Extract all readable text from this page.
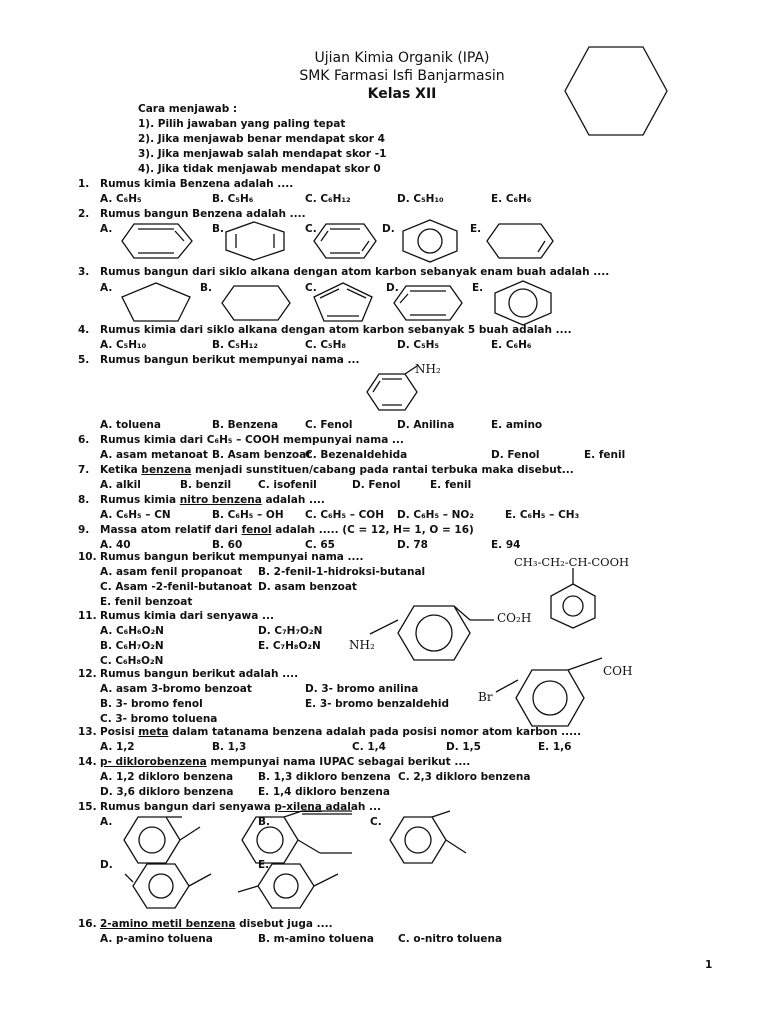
Ujian Kimia Organik (IPA)
SMK Farmasi Isfi Banjarmasin
Kelas XII
Cara menjawab :
1). Pilih jawaban yang paling tepat
2). Jika menjawab benar mendapat skor 4
3). Jika menjawab salah mendapat skor -1
4). Jika tidak menjawab mendapat skor 0
1. Rumus kimia Benzena adalah ....
A. C₆H₅	B. C₅H₆	C. C₆H₁₂	D. C₅H₁₀	E. C₆H₆
2. Rumus bangun Benzena adalah ....
A.	B.	C.	D.	E.
3. Rumus bangun dari siklo alkana dengan atom karbon sebanyak enam buah adalah ....
A.	B.	C.	D.	E.
4. Rumus kimia dari siklo alkana dengan atom karbon sebanyak 5 buah adalah ....
A. C₅H₁₀	B. C₅H₁₂	C. C₅H₈	D. C₅H₅	E. C₆H₆
5. Rumus bangun berikut mempunyai nama ...
NH₂
A. toluena	B. Benzena	C. Fenol	D. Anilina	E. amino
6. Rumus kimia dari C₆H₅ – COOH mempunyai nama ...
A. asam metanoat B. Asam benzoat
C. Bezenaldehida	D. Fenol	E. fenil
7. Ketika benzena menjadi sunstituen/cabang pada rantai terbuka maka disebut...
A. alkil	B. benzil	C. isofenil	D. Fenol	E. fenil
8. Rumus kimia nitro benzena adalah ....
A. C₆H₅ – CN	B. C₆H₅ – OH C. C₆H₅ – COH D. C₆H₅ – NO₂	E. C₆H₅ – CH₃
9. Massa atom relatif dari fenol adalah ..... (C = 12, H= 1, O = 16)
A. 40	B. 60	C. 65	D. 78	E. 94
10. Rumus bangun berikut mempunyai nama ....
A. asam fenil propanoat B. 2-fenil-1-hidroksi-butanal
C. Asam -2-fenil-butanoat D. asam benzoat
E. fenil benzoat
CH₃-CH₂-CH-COOH
11. Rumus kimia dari senyawa ...
A. C₆H₆O₂N	D. C₇H₇O₂N
B. C₆H₇O₂N	E. C₇H₈O₂N
C. C₆H₈O₂N
NH₂
CO₂H
12. Rumus bangun berikut adalah ....
A. asam 3-bromo benzoat	D. 3- bromo anilina
B. 3- bromo fenol	E. 3- bromo benzaldehid
C. 3- bromo toluena
Br
COH
13. Posisi meta dalam tatanama benzena adalah pada posisi nomor atom karbon .....
A. 1,2	B. 1,3	C. 1,4	D. 1,5	E. 1,6
14. p- diklorobenzena mempunyai nama IUPAC sebagai berikut ....
A. 1,2 dikloro benzena B. 1,3 dikloro benzena C. 2,3 dikloro benzena
D. 3,6 dikloro benzena E. 1,4 dikloro benzena
15. Rumus bangun dari senyawa p-xilena adalah ...
A.	B.	C.
D.	E.
16. 2-amino metil benzena disebut juga ....
A. p-amino toluena	B. m-amino toluena C. o-nitro toluena
1
